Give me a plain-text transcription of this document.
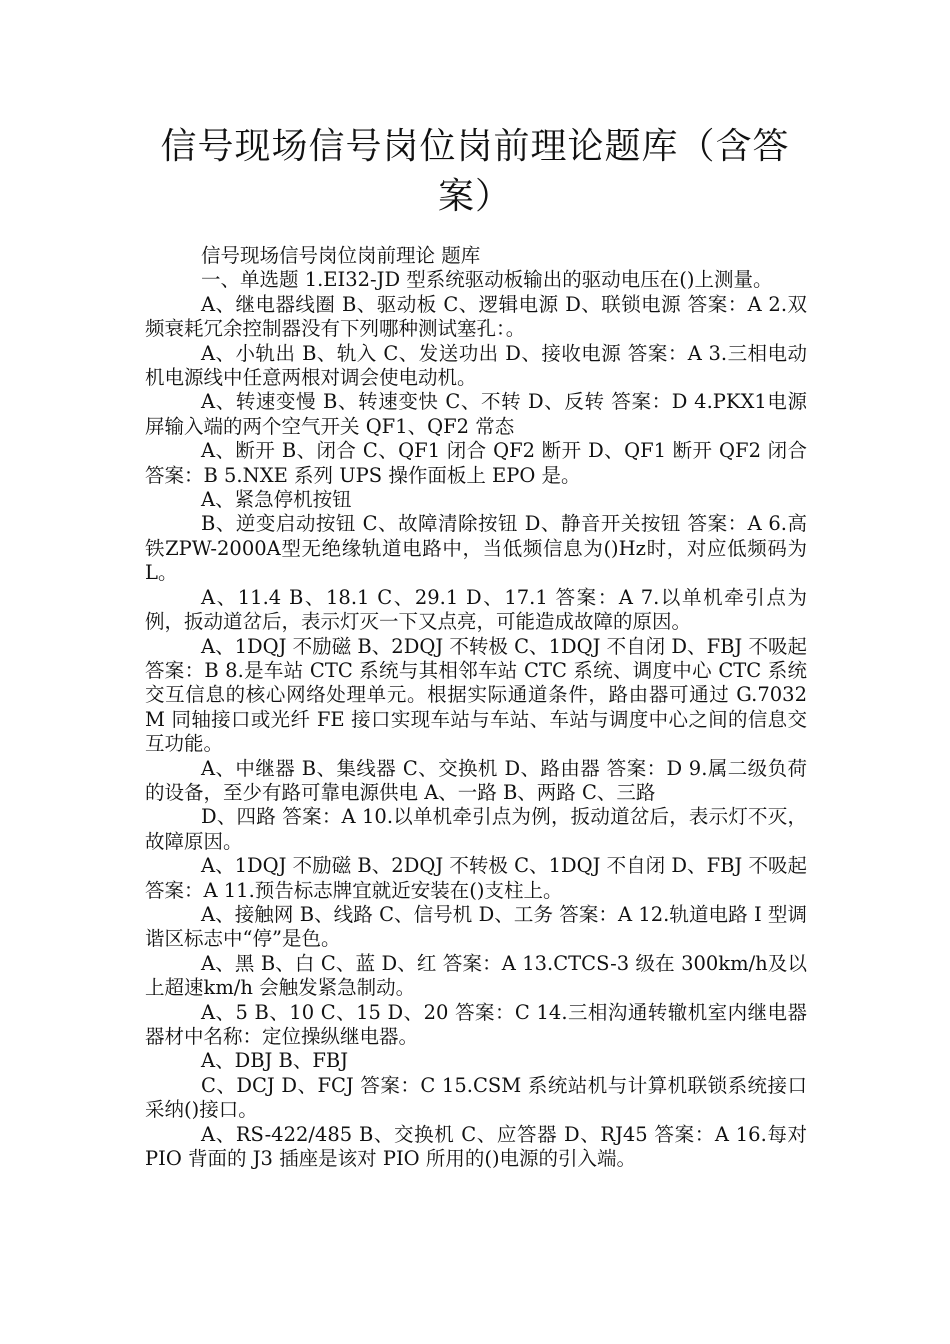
信号现场信号岗位岗前理论题库（含答案）

信号现场信号岗位岗前理论 题库

一、单选题 1.EI32-JD 型系统驱动板输出的驱动电压在()上测量。

A、继电器线圈 B、驱动板 C、逻辑电源 D、联锁电源 答案：A 2.双频衰耗冗余控制器没有下列哪种测试塞孔：。

A、小轨出 B、轨入 C、发送功出 D、接收电源 答案：A 3.三相电动机电源线中任意两根对调会使电动机。

A、转速变慢 B、转速变快 C、不转 D、反转 答案：D 4.PKX1电源屏输入端的两个空气开关 QF1、QF2 常态

A、断开 B、闭合 C、QF1 闭合 QF2 断开 D、QF1 断开 QF2 闭合 答案：B 5.NXE 系列 UPS 操作面板上 EPO 是。

A、紧急停机按钮

B、逆变启动按钮 C、故障清除按钮 D、静音开关按钮 答案：A 6.高铁ZPW-2000A型无绝缘轨道电路中，当低频信息为()Hz时，对应低频码为L。

A、11.4 B、18.1 C、29.1 D、17.1 答案：A 7.以单机牵引点为例，扳动道岔后，表示灯灭一下又点亮，可能造成故障的原因。

A、1DQJ 不励磁 B、2DQJ 不转极 C、1DQJ 不自闭 D、FBJ 不吸起 答案：B 8.是车站 CTC 系统与其相邻车站 CTC 系统、调度中心 CTC 系统交互信息的核心网络处理单元。根据实际通道条件，路由器可通过 G.7032M 同轴接口或光纤 FE 接口实现车站与车站、车站与调度中心之间的信息交互功能。

A、中继器 B、集线器 C、交换机 D、路由器 答案：D 9.属二级负荷的设备，至少有路可靠电源供电 A、一路 B、两路 C、三路

D、四路 答案：A 10.以单机牵引点为例，扳动道岔后，表示灯不灭，故障原因。

A、1DQJ 不励磁 B、2DQJ 不转极 C、1DQJ 不自闭 D、FBJ 不吸起 答案：A 11.预告标志牌宜就近安装在()支柱上。

A、接触网 B、线路 C、信号机 D、工务 答案：A 12.轨道电路 I 型调谐区标志中“停”是色。

A、黑 B、白 C、蓝 D、红 答案：A 13.CTCS-3 级在 300km/h及以上超速km/h 会触发紧急制动。

A、5 B、10 C、15 D、20 答案：C 14.三相沟通转辙机室内继电器器材中名称：定位操纵继电器。

A、DBJ B、FBJ

C、DCJ D、FCJ 答案：C 15.CSM 系统站机与计算机联锁系统接口采纳()接口。

A、RS-422/485 B、交换机 C、应答器 D、RJ45 答案：A 16.每对 PIO 背面的 J3 插座是该对 PIO 所用的()电源的引入端。
